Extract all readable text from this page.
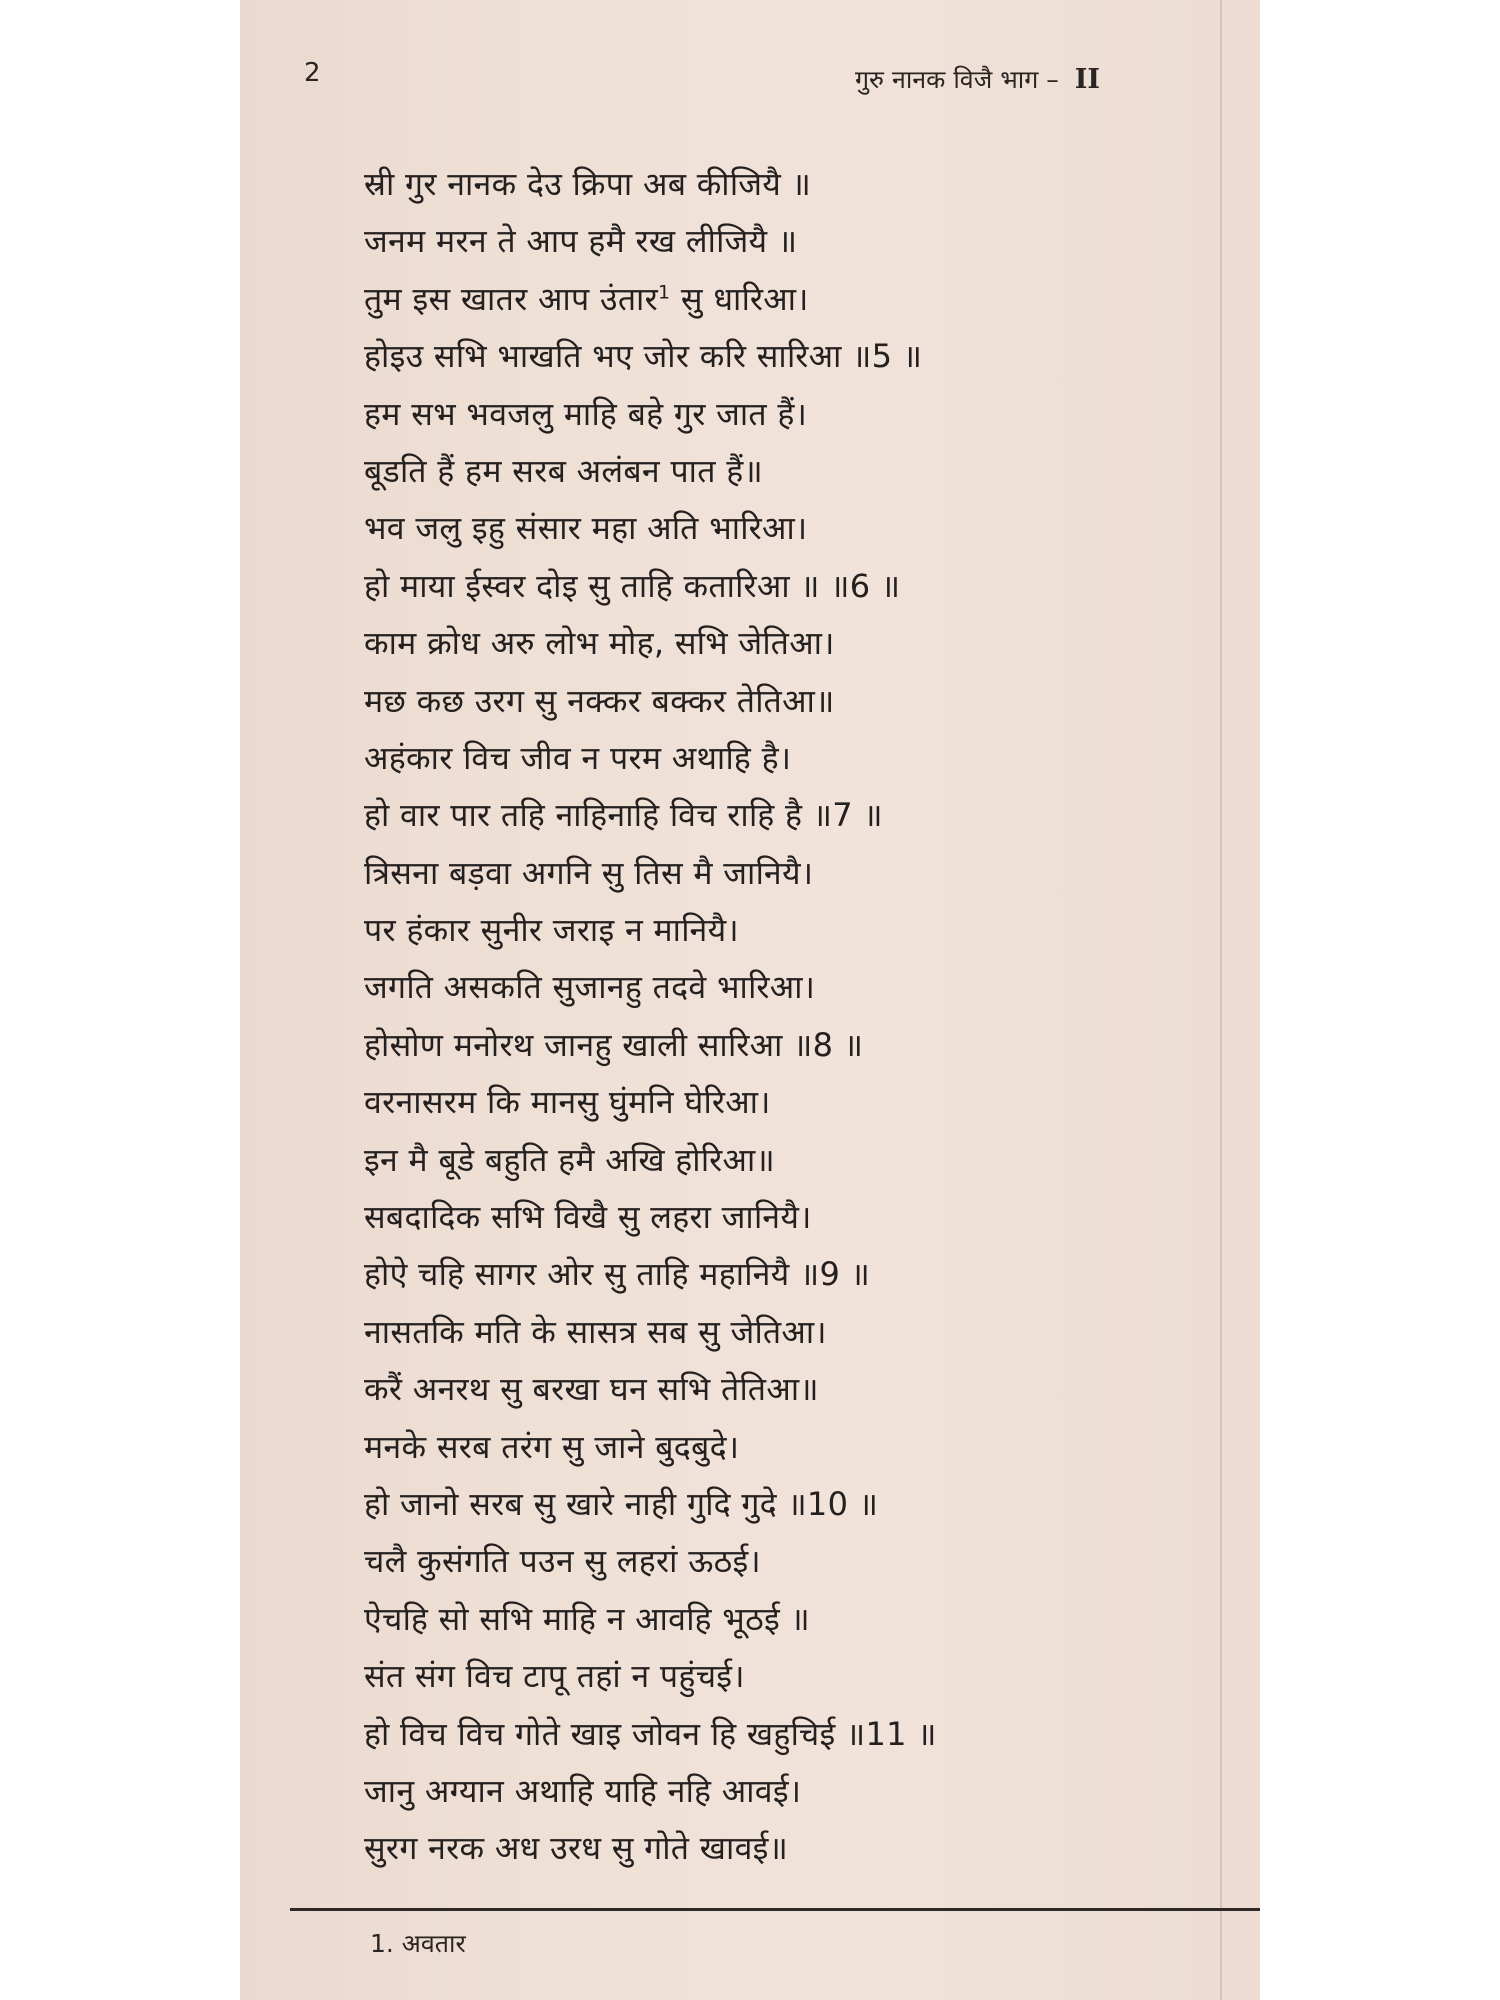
2	गुरु नानक विजै भाग – II
स्री गुर नानक देउ क्रिपा अब कीजियै ॥
जनम मरन ते आप हमै रख लीजियै ॥
तुम इस खातर आप उंतार$^1$ सु धारिआ।
होइउ सभि भाखति भए जोर करि सारिआ ॥5 ॥
हम सभ भवजलु माहि बहे गुर जात हैं।
बूडति हैं हम सरब अलंबन पात हैं॥
भव जलु इहु संसार महा अति भारिआ।
हो माया ईस्वर दोइ सु ताहि कतारिआ ॥ ॥6 ॥
काम क्रोध अरु लोभ मोह, सभि जेतिआ।
मछ कछ उरग सु नक्कर बक्कर तेतिआ॥
अहंकार विच जीव न परम अथाहि है।
हो वार पार तहि नाहिनाहि विच राहि है ॥7 ॥
त्रिसना बड़वा अगनि सु तिस मै जानियै।
पर हंकार सुनीर जराइ न मानियै।
जगति असकति सुजानहु तदवे भारिआ।
होसोण मनोरथ जानहु खाली सारिआ ॥8 ॥
वरनासरम कि मानसु घुंमनि घेरिआ।
इन मै बूडे बहुति हमै अखि होरिआ॥
सबदादिक सभि विखै सु लहरा जानियै।
होऐ चहि सागर ओर सु ताहि महानियै ॥9 ॥
नासतकि मति के सासत्र सब सु जेतिआ।
करैं अनरथ सु बरखा घन सभि तेतिआ॥
मनके सरब तरंग सु जाने बुदबुदे।
हो जानो सरब सु खारे नाही गुदि गुदे ॥10 ॥
चलै कुसंगति पउन सु लहरां ऊठई।
ऐचहि सो सभि माहि न आवहि भूठई ॥
संत संग विच टापू तहां न पहुंचई।
हो विच विच गोते खाइ जोवन हि खहुचिई ॥11 ॥
जानु अग्यान अथाहि याहि नहि आवई।
सुरग नरक अध उरध सु गोते खावई॥
1. अवतार
